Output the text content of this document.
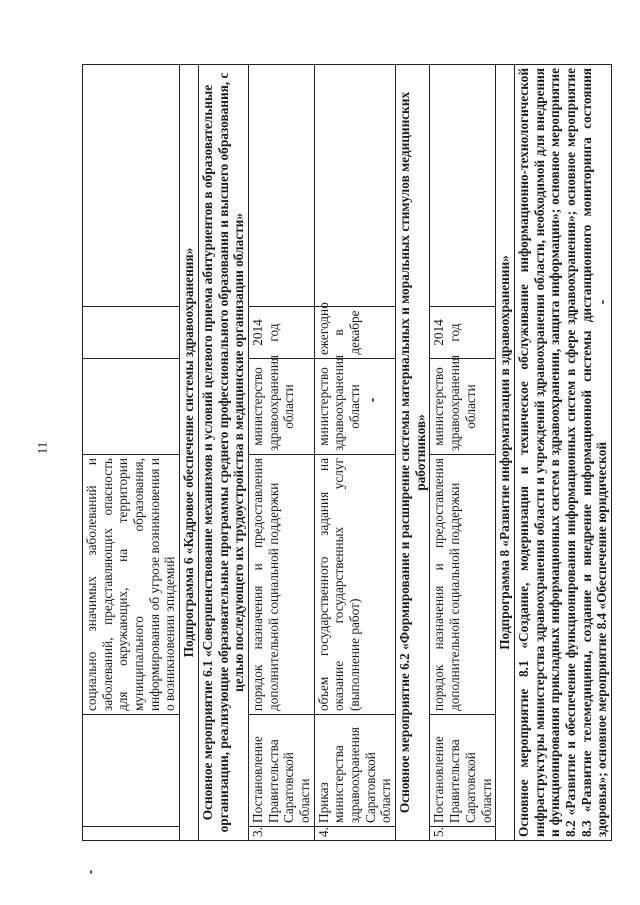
11
		социально значимых заболеваний и заболеваний, представляющих опасность для окружающих, на территории муниципального образования, информирования об угрозе возникновения и о возникновении эпидемий			
Подпрограмма 6 «Кадровое обеспечение системы здравоохранения»					
Основное мероприятие 6.1 «Совершенствование механизмов и условий целевого приема абитуриентов в образовательные организации, реализующие образовательные программы среднего профессионального образования и высшего образования, с целью последующего их трудоустройства в медицинские организации области»					
3.	Постановление Правительства Саратовской области	порядок назначения и предоставления дополнительной социальной поддержки	министерство здравоохранения области	2014 год	
4.	Приказ министерства здравоохранения Саратовской области	объем государственного задания на оказание государственных услуг (выполнение работ)	министерство здравоохранения области	ежегодно в декабре	
Основное мероприятие 6.2 «Формирование и расширение системы материальных и моральных стимулов медицинских работников»					
5.	Постановление Правительства Саратовской области	порядок назначения и предоставления дополнительной социальной поддержки	министерство здравоохранения области	2014 год	
Подпрограмма 8 «Развитие информатизации в здравоохранении»					
Основное мероприятие 8.1 «Создание, модернизация и техническое обслуживание информационно-технологической инфраструктуры министерства здравоохранения области и учреждений здравоохранения области, необходимой для внедрения и функционирования прикладных информационных систем в здравоохранении, защита информации»; основное мероприятие 8.2 «Развитие и обеспечение функционирования информационных систем в сфере здравоохранения»; основное мероприятие 8.3 «Развитие телемедицины, создание и внедрение информационной системы дистанционного мониторинга состояния здоровья»; основное мероприятие 8.4 «Обеспечение юридической					
